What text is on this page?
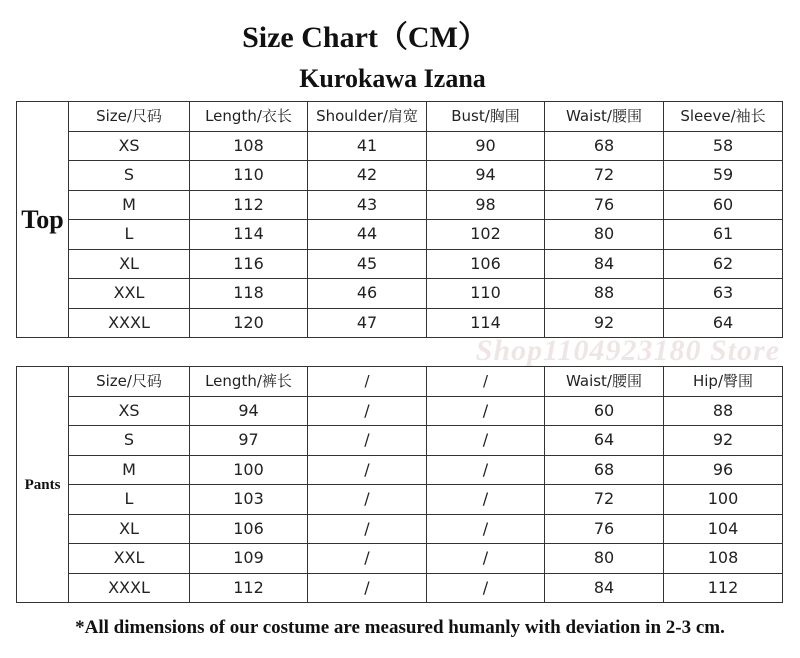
Size Chart（CM）
Kurokawa Izana
Top	Size/尺码	Length/衣长	Shoulder/肩宽	Bust/胸围	Waist/腰围	Sleeve/袖长
	XS	108	41	90	68	58
	S	110	42	94	72	59
	M	112	43	98	76	60
	L	114	44	102	80	61
	XL	116	45	106	84	62
	XXL	118	46	110	88	63
	XXXL	120	47	114	92	64
Shop1104923180 Store
Pants	Size/尺码	Length/裤长	/	/	Waist/腰围	Hip/臀围
	XS	94	/	/	60	88
	S	97	/	/	64	92
	M	100	/	/	68	96
	L	103	/	/	72	100
	XL	106	/	/	76	104
	XXL	109	/	/	80	108
	XXXL	112	/	/	84	112
*All dimensions of our costume are measured humanly with deviation in 2-3 cm.
